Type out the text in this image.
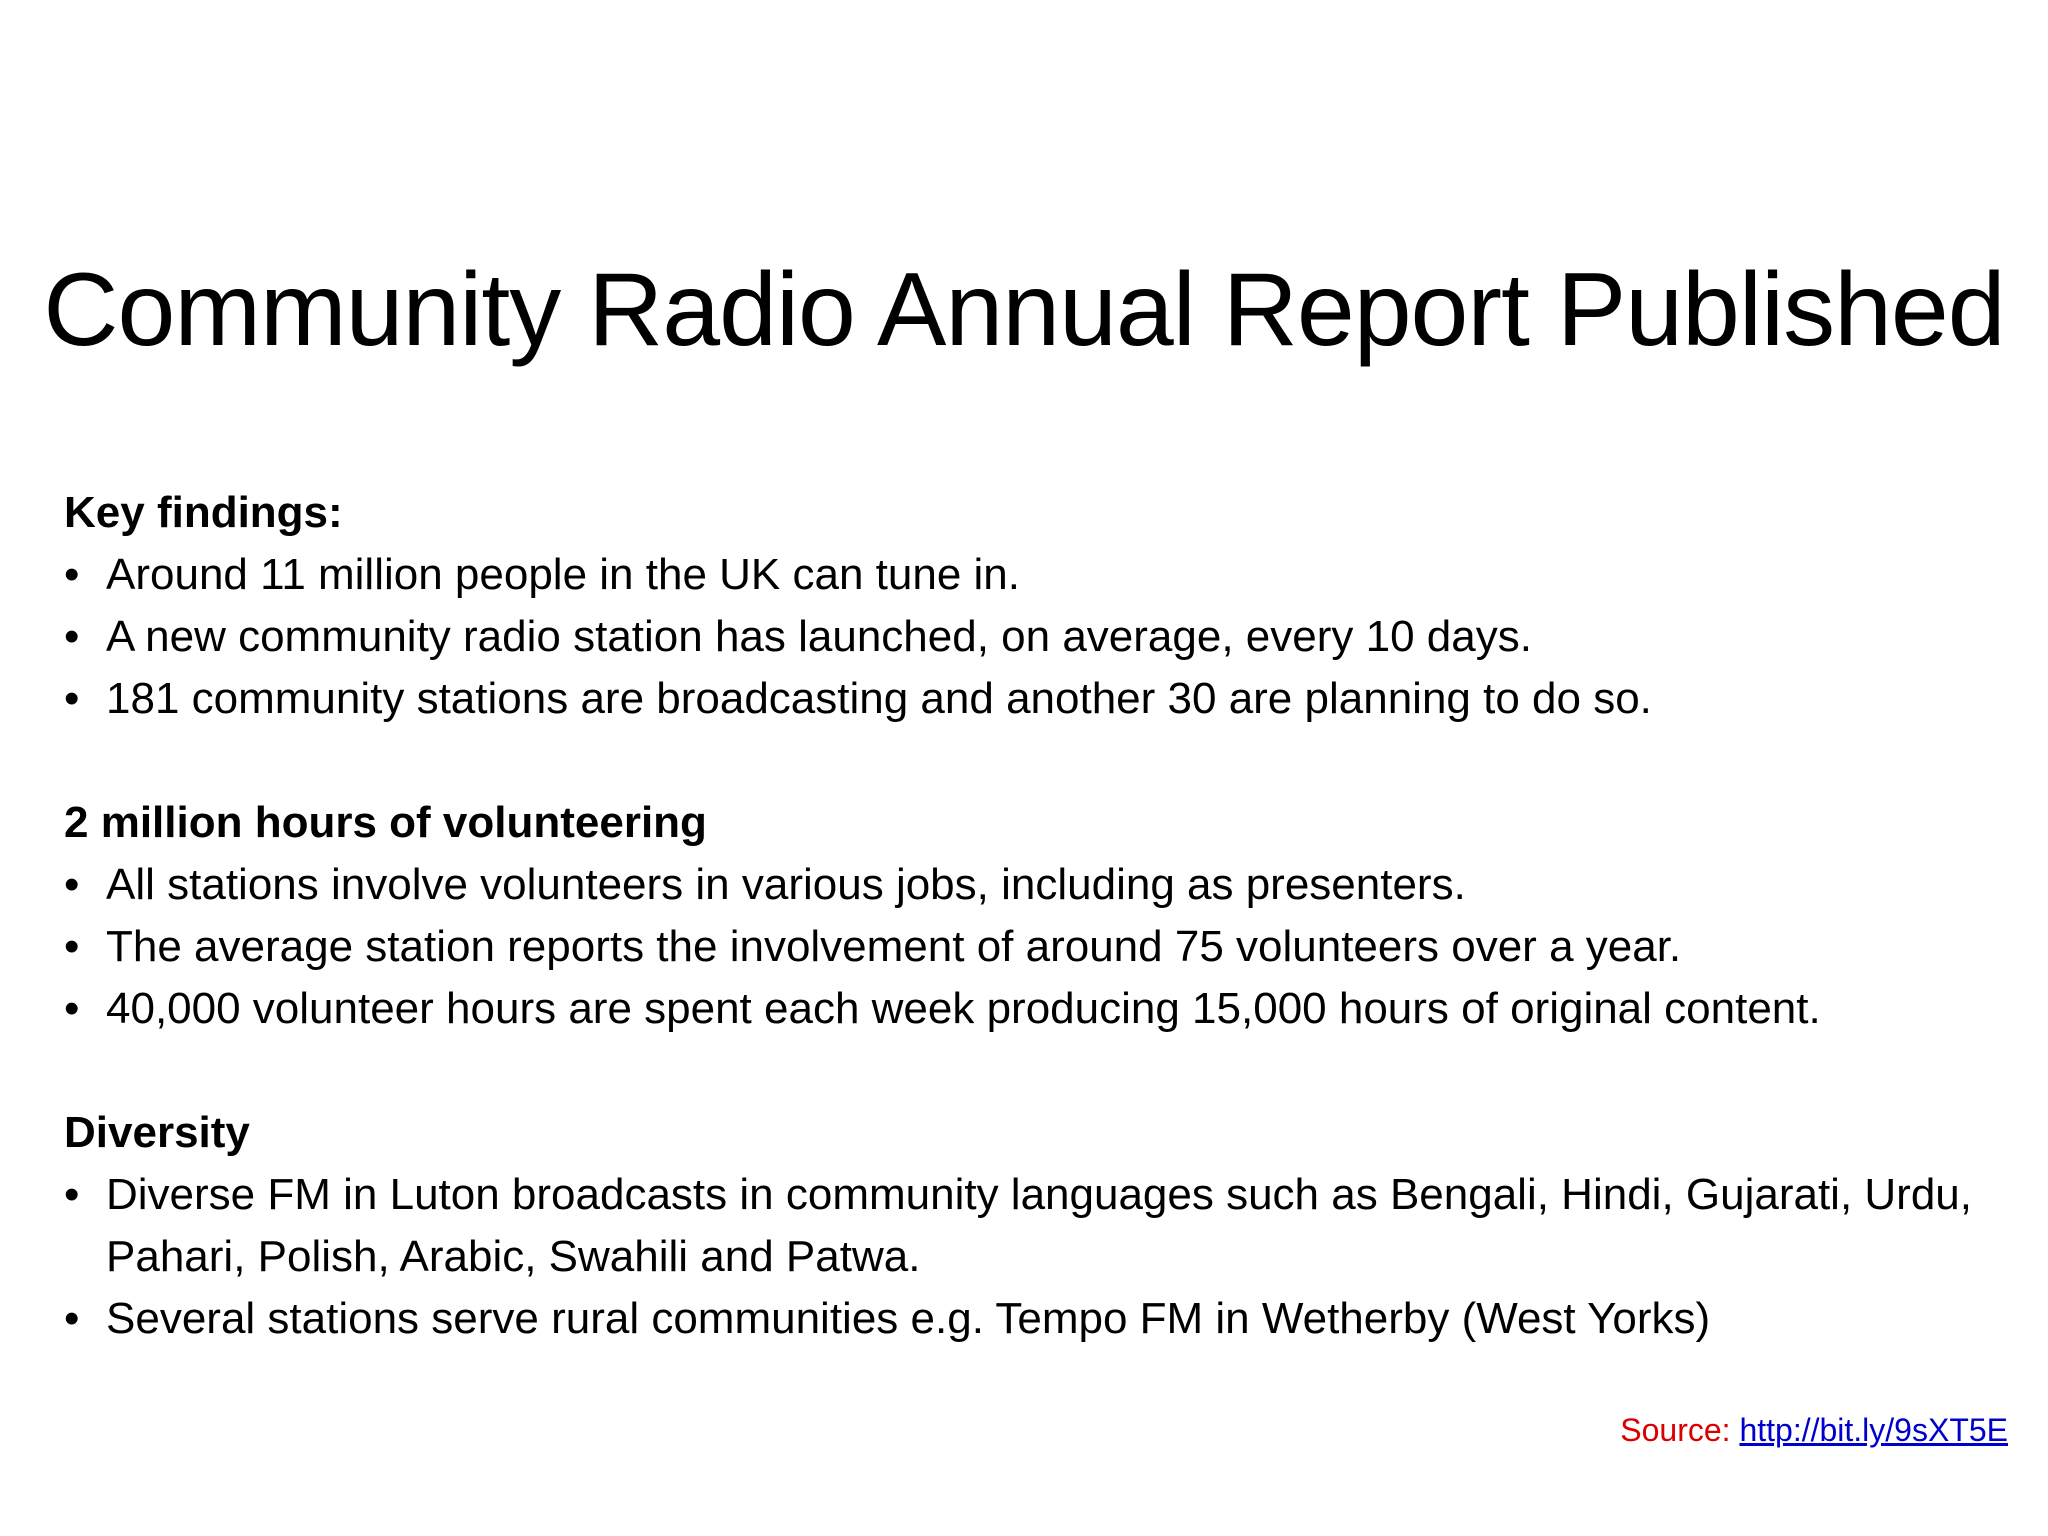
Community Radio Annual Report Published
Key findings:
• Around 11 million people in the UK can tune in.
• A new community radio station has launched, on average, every 10 days.
• 181 community stations are broadcasting and another 30 are planning to do so.
2 million hours of volunteering
• All stations involve volunteers in various jobs, including as presenters.
• The average station reports the involvement of around 75 volunteers over a year.
• 40,000 volunteer hours are spent each week producing 15,000 hours of original content.
Diversity
• Diverse FM in Luton broadcasts in community languages such as Bengali, Hindi, Gujarati, Urdu, Pahari, Polish, Arabic, Swahili and Patwa.
• Several stations serve rural communities e.g. Tempo FM in Wetherby (West Yorks)
Source: http://bit.ly/9sXT5E
